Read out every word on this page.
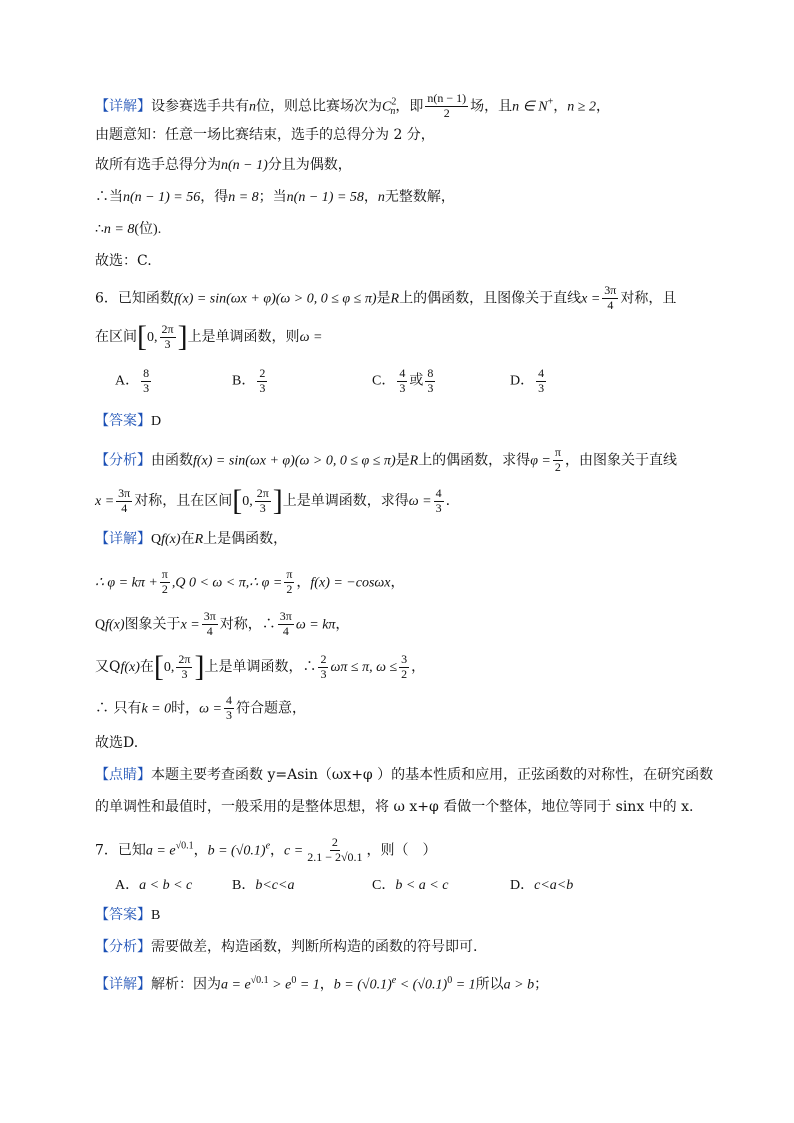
【详解】设参赛选手共有n位，则总比赛场次为$C^2_n$，即 $\frac{n(n - 1)}{2}$ 场，且n ∈ N+，n ≥ 2，
由题意知：任意一场比赛结束，选手的总得分为 2 分，
故所有选手总得分为n(n − 1)分且为偶数，
∴当n(n − 1) = 56，得n = 8；当n(n − 1) = 58，n无整数解，
∴n = 8(位).
故选：C.
6．已知函数f(x) = sin(ωx + φ)(ω > 0, 0 ≤ φ ≤ π)是R上的偶函数，且图像关于直线$x = \frac{3\pi}{4}$ 对称，且
在区间[0, $\frac{2\pi}{3}$ ]上是单调函数，则ω =
A． $\frac{8}{3}$	B． $\frac{2}{3}$	C． $\frac{4}{3}$ 或 $\frac{8}{3}$	D． $\frac{4}{3}$
【答案】D
【分析】由函数f(x) = sin(ωx + φ)(ω > 0, 0 ≤ φ ≤ π)是R上的偶函数，求得$\varphi = \frac{\pi}{2}$ ，由图象关于直线
$x = \frac{3\pi}{4}$ 对称，且在区间[0, $\frac{2\pi}{3}$ ]上是单调函数，求得$\omega = \frac{4}{3}$ .
【详解】Qf(x)在R上是偶函数，
∴ $\varphi = k\pi + \frac{\pi}{2} ,Q$ 0 < ω < π,∴ $\varphi = \frac{\pi}{2}$ ，f(x) = −cosωx，
Qf(x)图象关于$x = \frac{3\pi}{4}$ 对称，∴ $\frac{3\pi}{4}$ ω = kπ，
又Qf(x)在[0, $\frac{2\pi}{3}$ ]上是单调函数，∴ $\frac{2}{3}$ ωπ ≤ π, $\omega \le \frac{3}{2}$ ，
∴ 只有k = 0时，$\omega = \frac{4}{3}$ 符合题意，
故选D.
【点睛】本题主要考查函数 y=Asin（ωx+φ ）的基本性质和应用，正弦函数的对称性，在研究函数
的单调性和最值时，一般采用的是整体思想，将 ω x+φ 看做一个整体，地位等同于 sinx 中的 x.
7．已知$a = e^{√0.1}$，$b = (√0.1)^e$，$c = \frac{2}{2.1 - 2√0.1}$ ，则（　）
A．a < b < c	B．b<c<a	C．b < a < c	D．c<a<b
【答案】B
【分析】需要做差，构造函数，判断所构造的函数的符号即可.
【详解】解析：因为$a = e^{√0.1} > e^0 = 1$，$b = (√0.1)^e < (√0.1)^0 = 1$所以a > b；
